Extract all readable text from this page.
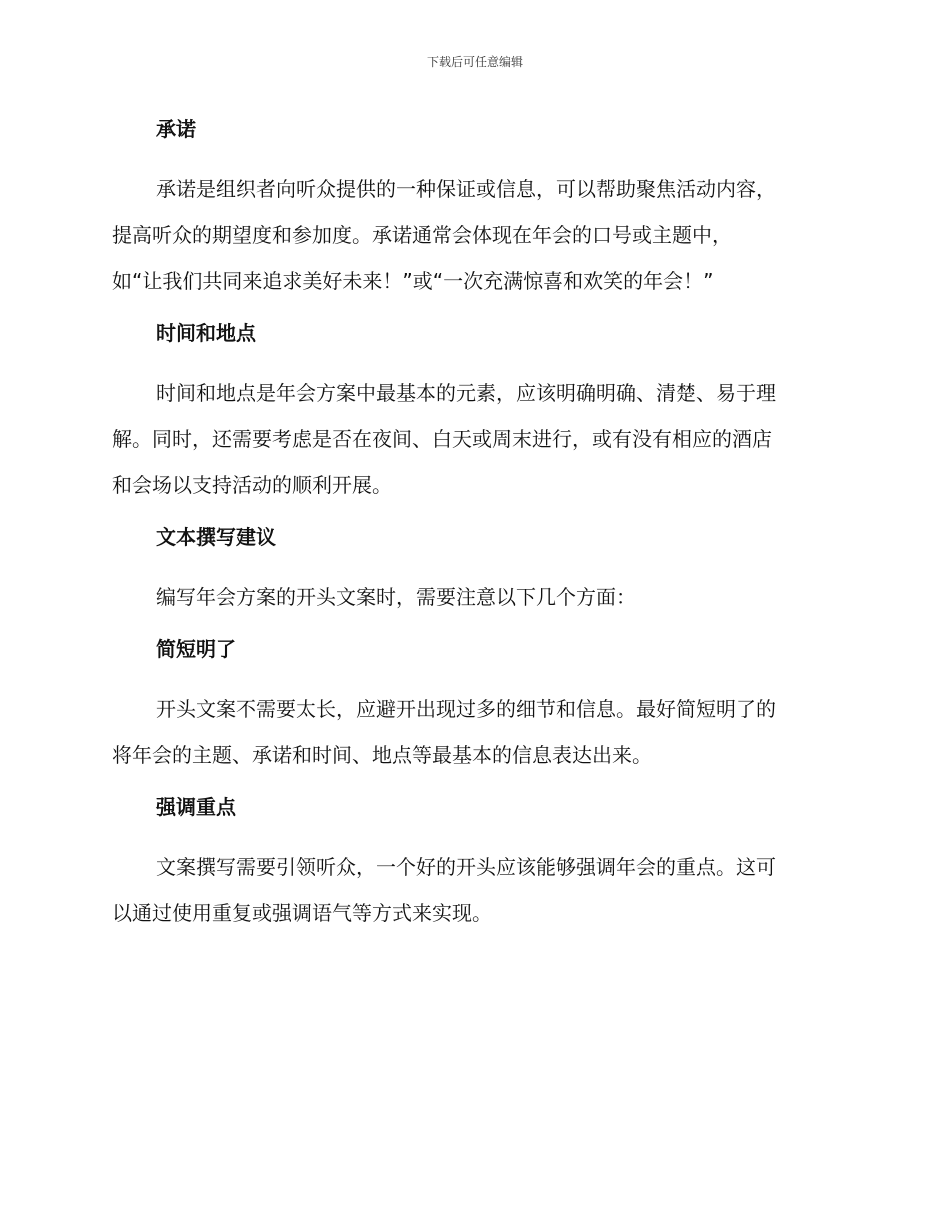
下载后可任意编辑
承诺
承诺是组织者向听众提供的一种保证或信息，可以帮助聚焦活动内容，
提高听众的期望度和参加度。承诺通常会体现在年会的口号或主题中，
如“让我们共同来追求美好未来！”或“一次充满惊喜和欢笑的年会！”
时间和地点
时间和地点是年会方案中最基本的元素，应该明确明确、清楚、易于理
解。同时，还需要考虑是否在夜间、白天或周末进行，或有没有相应的酒店
和会场以支持活动的顺利开展。
文本撰写建议
编写年会方案的开头文案时，需要注意以下几个方面：
简短明了
开头文案不需要太长，应避开出现过多的细节和信息。最好简短明了的
将年会的主题、承诺和时间、地点等最基本的信息表达出来。
强调重点
文案撰写需要引领听众，一个好的开头应该能够强调年会的重点。这可
以通过使用重复或强调语气等方式来实现。
